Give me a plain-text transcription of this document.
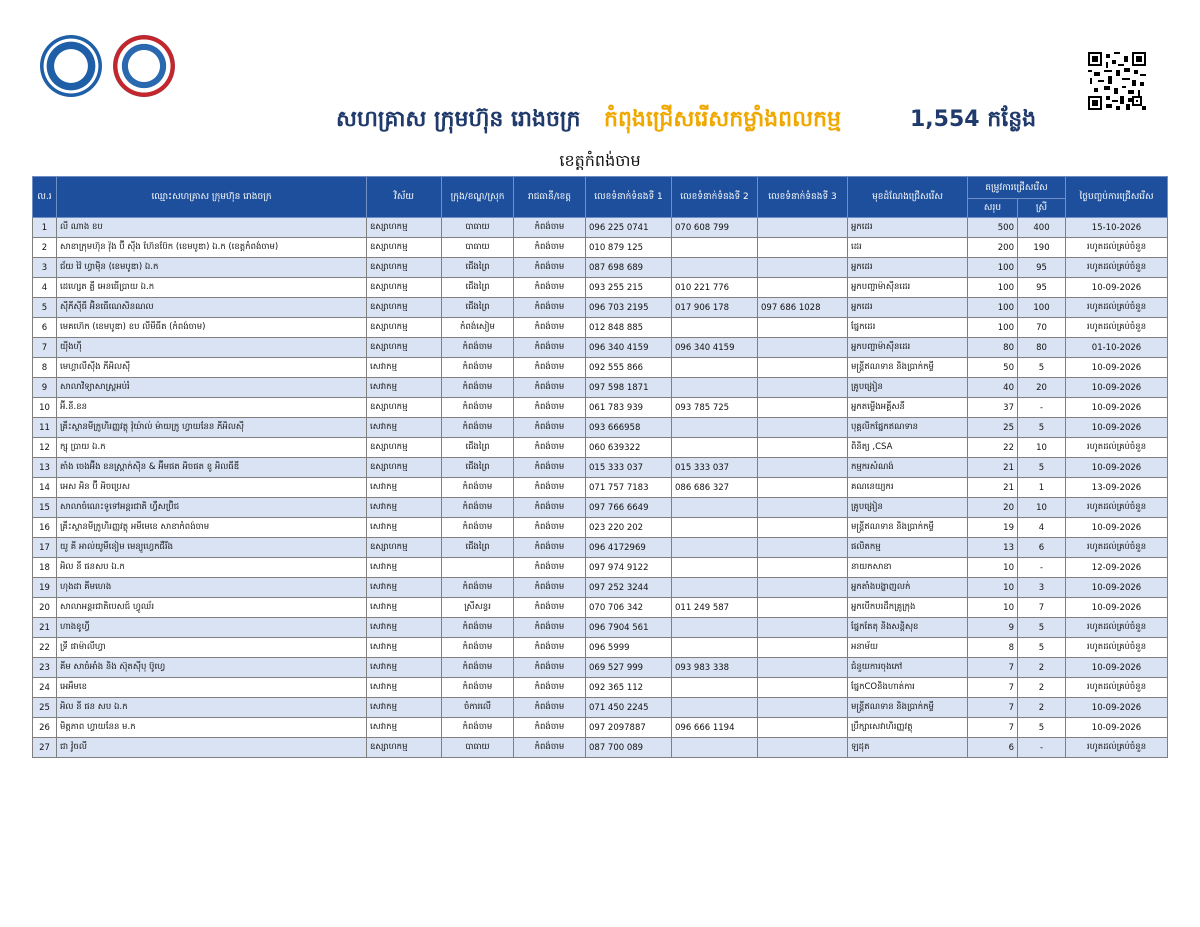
សហគ្រាស ក្រុមហ៊ុន រោងចក្រ កំពុងជ្រើសរើសកម្លាំងពលកម្ម	1,554 កន្លែង
ខេត្តកំពង់ចាម
ល.រ	ឈ្មោះសហគ្រាស ក្រុមហ៊ុន រោងចក្រ	វិស័យ	ក្រុង/ខណ្ឌ/ស្រុក	រាជធានី/ខេត្ត	លេខទំនាក់ទំនងទី 1	លេខទំនាក់ទំនងទី 2	លេខទំនាក់ទំនងទី 3	មុខដំណែងជ្រើសរើស	តម្រូវការជ្រើសរើស		ថ្ងៃបញ្ចប់ការជ្រើសរើស
									សរុប	ស្រី	
1	លី ណាង ខប	ឧស្សាហកម្ម	បាធាយ	កំពង់ចាម	096 225 0741	070 608 799		អ្នកដេរ	500	400	15-10-2026
2	សាខាក្រុមហ៊ុន វ៉ុង ប៊ី ស៊ីង ហ៊ែនប៊ែក (ខេមបូឌា) ឯ.ក (ខេត្តកំពង់ចាម)	ឧស្សាហកម្ម	បាធាយ	កំពង់ចាម	010 879 125			ដេរ	200	190	រហូតដល់គ្រប់ចំនួន
3	ជ័យ វ៉ៃ ហ្វាម៉ិន (ខេមបូឌា) ឯ.ក	ឧស្សាហកម្ម	ជើងព្រៃ	កំពង់ចាម	087 698 689			អ្នកដេរ	100	95	រហូតដល់គ្រប់ចំនួន
4	ដេហ្សេត គ្លី អេនធើប្រាយ ឯ.ក	ឧស្សាហកម្ម	ជើងព្រៃ	កំពង់ចាម	093 255 215	010 221 776		អ្នកបញ្ជាម៉ាស៊ីនដេរ	100	95	10-09-2026
5	ស៊ីភីស៊ីធី អ៊ិនធើណេសិនណល	ឧស្សាហកម្ម	ជើងព្រៃ	កំពង់ចាម	096 703 2195	017 906 178	097 686 1028	អ្នកដេរ	100	100	រហូតដល់គ្រប់ចំនួន
6	មេគហ៊េក (ខេមបូឌា) ខប លីមីធីត (កំពង់ចាម)	ឧស្សាហកម្ម	កំពង់សៀម	កំពង់ចាម	012 848 885			ផ្នែកដេរ	100	70	រហូតដល់គ្រប់ចំនួន
7	យ៉ីងហ៊ី	ឧស្សាហកម្ម	កំពង់ចាម	កំពង់ចាម	096 340 4159	096 340 4159		អ្នកបញ្ជាម៉ាស៊ីនដេរ	80	80	01-10-2026
8	មេហ្គាលីស៊ីង ភីអិលស៊ី	សេវាកម្ម	កំពង់ចាម	កំពង់ចាម	092 555 866			មន្ត្រីឥណទាន និងប្រាក់កម្ចី	50	5	10-09-2026
9	សាលាវិទ្យាសាស្ត្រអប់រំ	សេវាកម្ម	កំពង់ចាម	កំពង់ចាម	097 598 1871			គ្រូបង្រៀន	40	20	10-09-2026
10	អ៊ី.នី.ខន	ឧស្សាហកម្ម	កំពង់ចាម	កំពង់ចាម	061 783 939	093 785 725		អ្នកតម្លើងអគ្គីសនី	37	-	10-09-2026
11	គ្រឹះស្ថានមីក្រូហិរញ្ញវត្ថុ វ៉ុយ៉ាល់ ម៉ាយក្រូ ហ្វាយនែន ភីអិលស៊ី	សេវាកម្ម	កំពង់ចាម	កំពង់ចាម	093 666958			បុគ្គលិកផ្នែកឥណទាន	25	5	10-09-2026
12	ក្សុ ប្រាយ ឯ.ក	ឧស្សាហកម្ម	ជើងព្រៃ	កំពង់ចាម	060 639322			ពិនិត្យ ,CSA	22	10	រហូតដល់គ្រប់ចំនួន
13	តាំង ចេងអ៊ីង ខនស្ត្រាក់ស៊ិន & អ៊ីមផត អិចផត ខូ អិលធីឌី	ឧស្សាហកម្ម	ជើងព្រៃ	កំពង់ចាម	015 333 037	015 333 037		កម្មករសំណង់	21	5	10-09-2026
14	អេស អិន ប៊ី អិចប្រេស	សេវាកម្ម	កំពង់ចាម	កំពង់ចាម	071 757 7183	086 686 327		គណនេយ្យករ	21	1	13-09-2026
15	សាលាចំណេះទូទៅអន្តរជាតិ ហ្វឺសប៊្រិជ	សេវាកម្ម	កំពង់ចាម	កំពង់ចាម	097 766 6649			គ្រូបង្រៀន	20	10	រហូតដល់គ្រប់ចំនួន
16	គ្រឹះស្ថានមីក្រូហិរញ្ញវត្ថុ អមីមេខេ សាខាកំពង់ចាម	សេវាកម្ម	កំពង់ចាម	កំពង់ចាម	023 220 202			មន្ត្រីឥណទាន និងប្រាក់កម្ចី	19	4	10-09-2026
17	យូ គី អាល់យូមីនៀម មេន្យូហ្វេកជឺរីង	ឧស្សាហកម្ម	ជើងព្រៃ	កំពង់ចាម	096 4172969			ផលិតកម្ម	13	6	រហូតដល់គ្រប់ចំនួន
18	អិល នី ផនសប ឯ.ក	សេវាកម្ម		កំពង់ចាម	097 974 9122			នាយកសាខា	10	-	12-09-2026
19	ហុងដា គីមហេង	សេវាកម្ម	កំពង់ចាម	កំពង់ចាម	097 252 3244			អ្នកតាំងបង្ហាញលក់	10	3	10-09-2026
20	សាលាអន្តរជាតិបេសជ៍ ហ្វូឈ័រ	សេវាកម្ម	ស្រីសន្ធរ	កំពង់ចាម	070 706 342	011 249 587		អ្នកបើកបរដឹកគ្រូក្រុង	10	7	10-09-2026
21	ហាងខូហ្វី	សេវាកម្ម	កំពង់ចាម	កំពង់ចាម	096 7904 561			ផ្នែកតែតុ និងសន្តិសុខ	9	5	រហូតដល់គ្រប់ចំនួន
22	ទ្រី ផាម៉ាលីហ្វា	សេវាកម្ម	កំពង់ចាម	កំពង់ចាម	096 5999			អនាម័យ	8	5	រហូតដល់គ្រប់ចំនួន
23	គីម សាចំអាំង និង ស៊ុតស៊ីបុ ប៊ូហ្វេ	សេវាកម្ម	កំពង់ចាម	កំពង់ចាម	069 527 999	093 983 338		ជំនួយការចុងភៅ	7	2	10-09-2026
24	អេអឹមខេ	សេវាកម្ម	កំពង់ចាម	កំពង់ចាម	092 365 112			ផ្នែកCOនិងហាត់ការ	7	2	រហូតដល់គ្រប់ចំនួន
25	អិល នី ផន សប ឯ.ក	សេវាកម្ម	ចំការលើ	កំពង់ចាម	071 450 2245			មន្ត្រីឥណទាន និងប្រាក់កម្ចី	7	2	10-09-2026
26	មិត្តភាព ហ្វាយនែន ម.ក	សេវាកម្ម	កំពង់ចាម	កំពង់ចាម	097 2097887	096 666 1194		ប្រឹក្សាសេវាហិរញ្ញវត្ថុ	7	5	10-09-2026
27	ជា វ៉ូចលី	ឧស្សាហកម្ម	បាធាយ	កំពង់ចាម	087 700 089			ឡដុត	6	-	រហូតដល់គ្រប់ចំនួន
